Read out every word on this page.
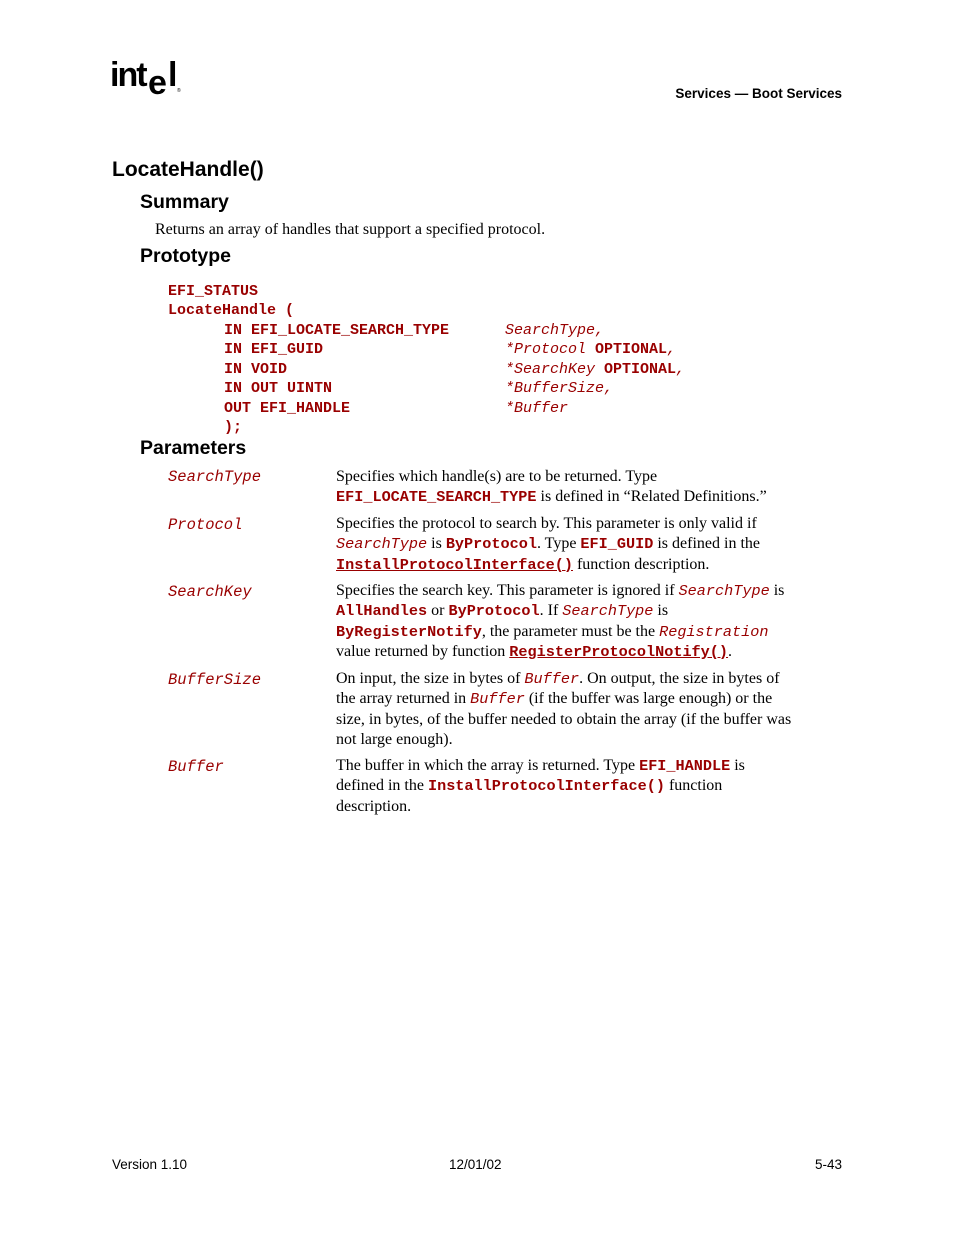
int e l ®	Services — Boot Services
LocateHandle()
Summary
Returns an array of handles that support a specified protocol.
Prototype
EFI_STATUS
LocateHandle (
IN EFI_LOCATE_SEARCH_TYPE	SearchType,
IN EFI_GUID	*Protocol OPTIONAL,
IN VOID	*SearchKey OPTIONAL,
IN OUT UINTN	*BufferSize,
OUT EFI_HANDLE	*Buffer
);
Parameters
SearchType	Specifies which handle(s) are to be returned. Type
EFI_LOCATE_SEARCH_TYPE is defined in “Related Definitions.”
Protocol	Specifies the protocol to search by. This parameter is only valid if
SearchType is ByProtocol. Type EFI_GUID is defined in the
InstallProtocolInterface() function description.
SearchKey	Specifies the search key. This parameter is ignored if SearchType is
AllHandles or ByProtocol. If SearchType is
ByRegisterNotify, the parameter must be the Registration
value returned by function RegisterProtocolNotify().
BufferSize	On input, the size in bytes of Buffer. On output, the size in bytes of
the array returned in Buffer (if the buffer was large enough) or the
size, in bytes, of the buffer needed to obtain the array (if the buffer was
not large enough).
Buffer	The buffer in which the array is returned. Type EFI_HANDLE is
defined in the InstallProtocolInterface() function
description.
Version 1.10	12/01/02	5-43
